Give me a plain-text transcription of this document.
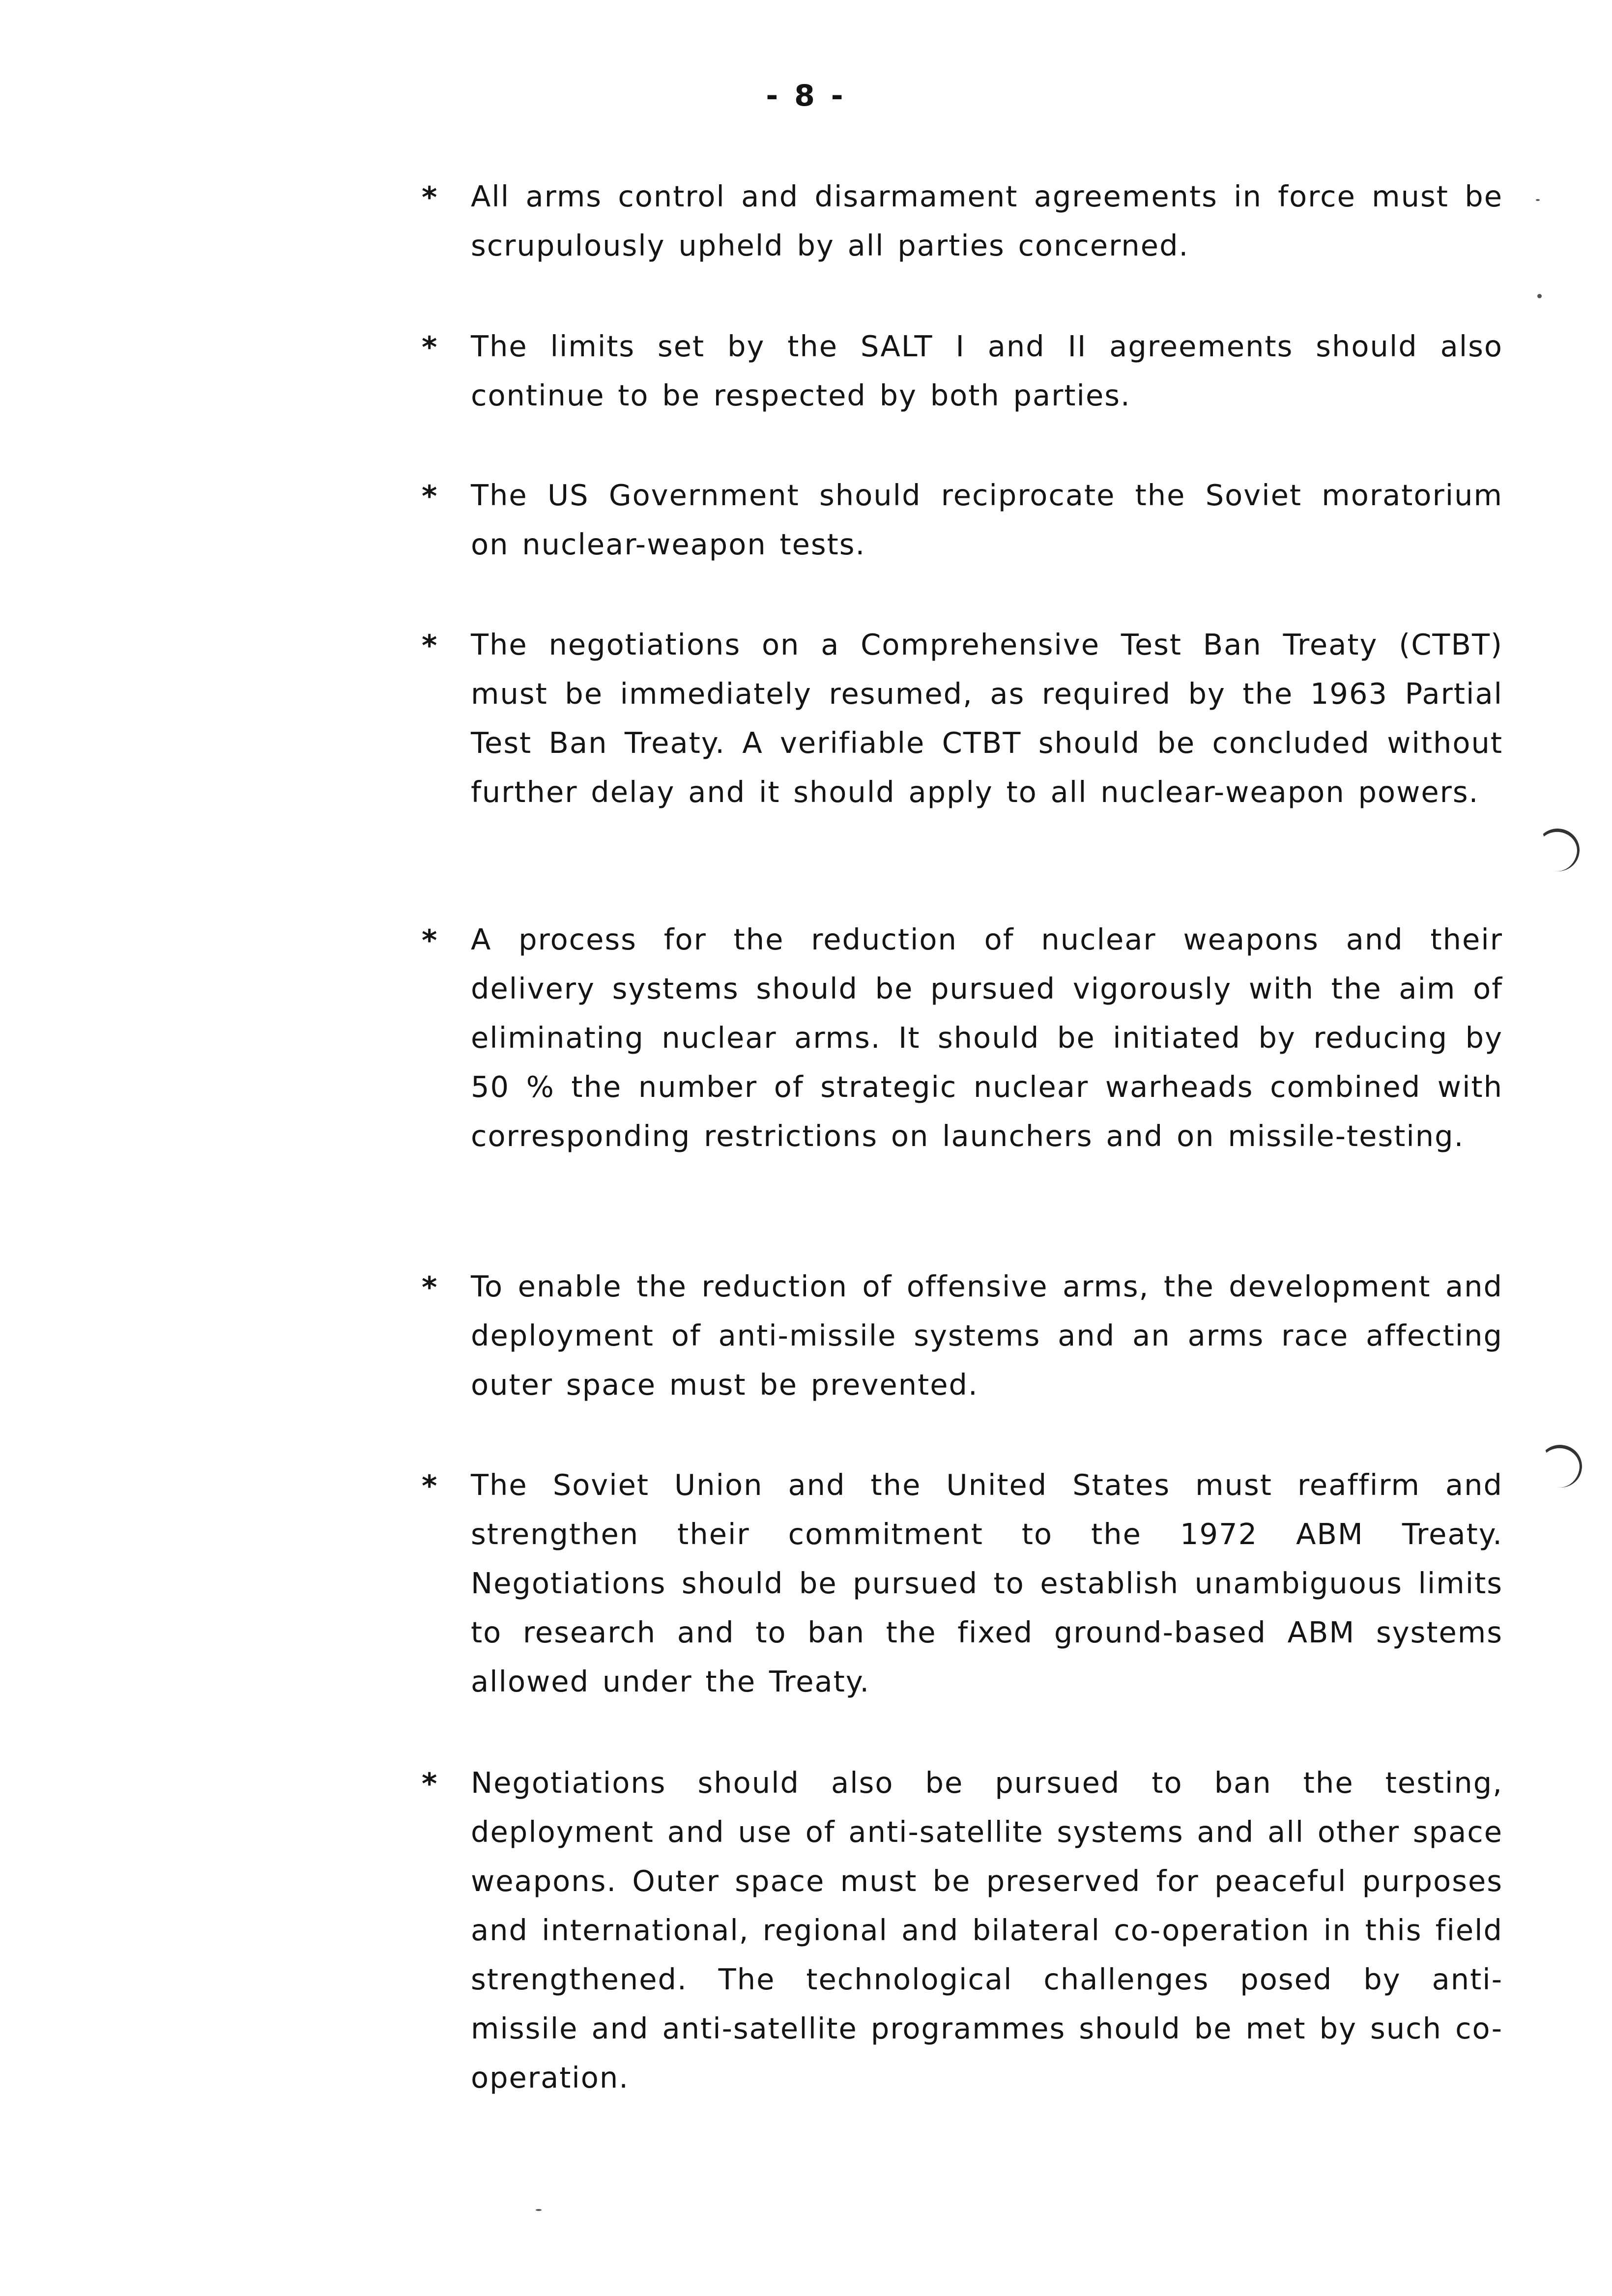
- 8 -
* All arms control and disarmament agreements in force must be scrupulously upheld by all parties concerned.
* The limits set by the SALT I and II agreements should also continue to be respected by both parties.
* The US Government should reciprocate the Soviet moratorium on nuclear-weapon tests.
* The negotiations on a Comprehensive Test Ban Treaty (CTBT) must be immediately resumed, as required by the 1963 Partial Test Ban Treaty. A verifiable CTBT should be concluded without further delay and it should apply to all nuclear-weapon powers.
* A process for the reduction of nuclear weapons and their delivery systems should be pursued vigorously with the aim of eliminating nuclear arms. It should be initiated by reducing by 50 % the number of strategic nuclear warheads combined with corresponding restrictions on launchers and on missile-testing.
* To enable the reduction of offensive arms, the development and deployment of anti-missile systems and an arms race affecting outer space must be prevented.
* The Soviet Union and the United States must reaffirm and strengthen their commitment to the 1972 ABM Treaty. Negotiations should be pursued to establish unambiguous limits to research and to ban the fixed ground-based ABM systems allowed under the Treaty.
* Negotiations should also be pursued to ban the testing, deployment and use of anti-satellite systems and all other space weapons. Outer space must be preserved for peaceful purposes and international, regional and bilateral co-operation in this field strengthened. The technological challenges posed by anti-missile and anti-satellite programmes should be met by such co-operation.
